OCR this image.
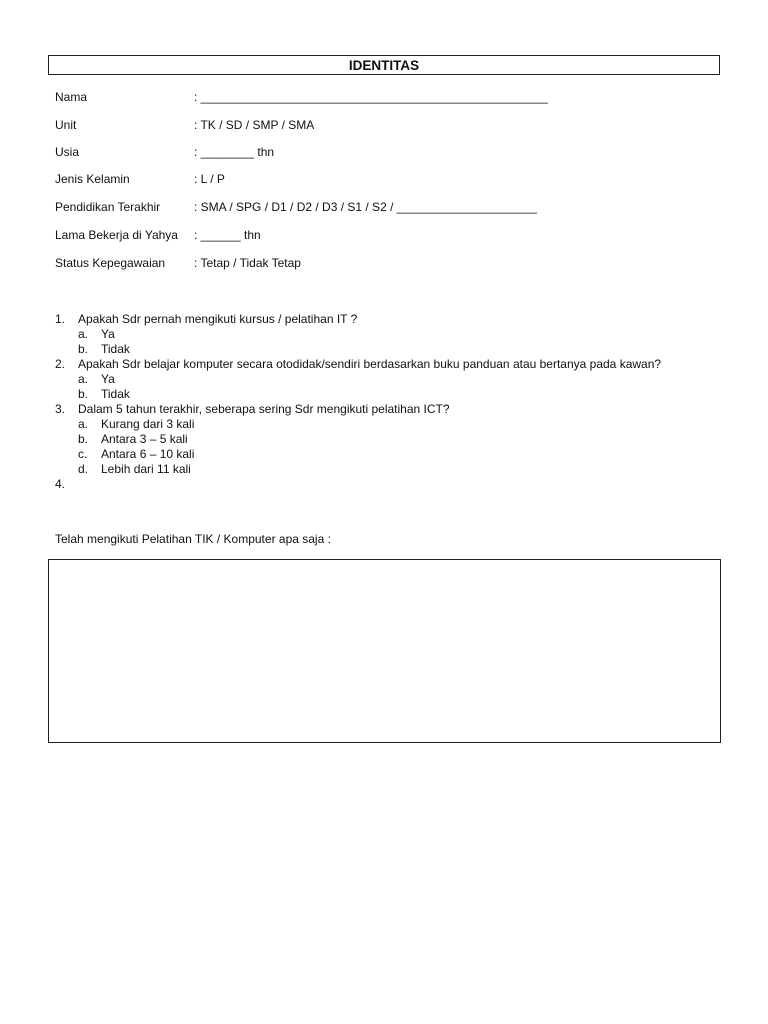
IDENTITAS
Nama	: ____________________________________________________
Unit	: TK / SD / SMP / SMA
Usia	: ________ thn
Jenis Kelamin	: L / P
Pendidikan Terakhir	: SMA / SPG / D1 / D2 / D3 / S1 / S2 / _____________________
Lama Bekerja di Yahya : ______ thn
Status Kepegawaian : Tetap / Tidak Tetap
1. Apakah Sdr pernah mengikuti kursus / pelatihan IT ?
a. Ya
b. Tidak
2. Apakah Sdr belajar komputer secara otodidak/sendiri berdasarkan buku panduan atau bertanya pada kawan?
a. Ya
b. Tidak
3. Dalam 5 tahun terakhir, seberapa sering Sdr mengikuti pelatihan ICT?
a. Kurang dari 3 kali
b. Antara 3 – 5 kali
c. Antara 6 – 10 kali
d. Lebih dari 11 kali
4.
Telah mengikuti Pelatihan TIK / Komputer apa saja :
